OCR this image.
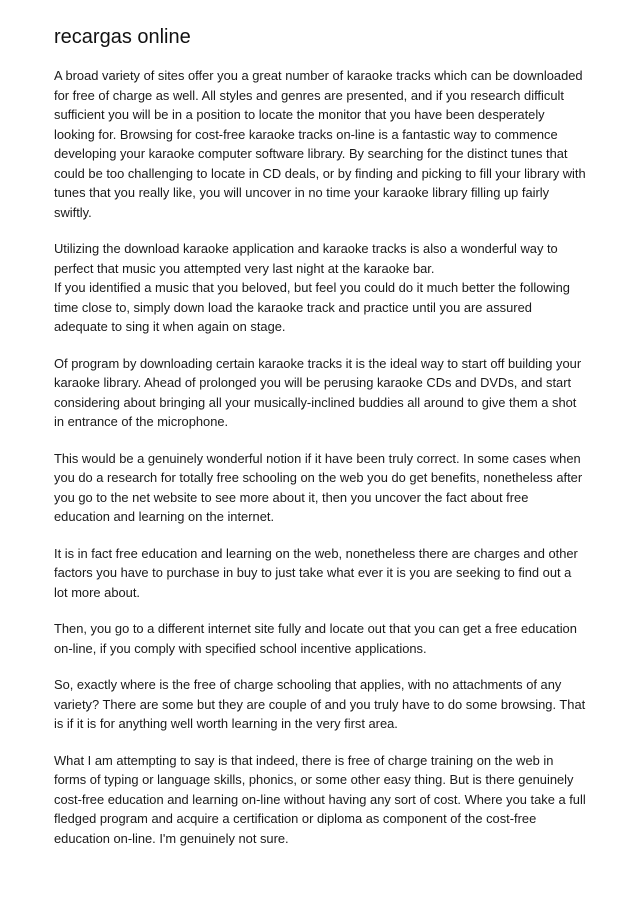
recargas online

A broad variety of sites offer you a great number of karaoke tracks which can be downloaded
for free of charge as well. All styles and genres are presented, and if you research difficult
sufficient you will be in a position to locate the monitor that you have been desperately
looking for. Browsing for cost-free karaoke tracks on-line is a fantastic way to commence
developing your karaoke computer software library. By searching for the distinct tunes that
could be too challenging to locate in CD deals, or by finding and picking to fill your library with
tunes that you really like, you will uncover in no time your karaoke library filling up fairly
swiftly.

Utilizing the download karaoke application and karaoke tracks is also a wonderful way to
perfect that music you attempted very last night at the karaoke bar.
If you identified a music that you beloved, but feel you could do it much better the following
time close to, simply down load the karaoke track and practice until you are assured
adequate to sing it when again on stage.

Of program by downloading certain karaoke tracks it is the ideal way to start off building your
karaoke library. Ahead of prolonged you will be perusing karaoke CDs and DVDs, and start
considering about bringing all your musically-inclined buddies all around to give them a shot
in entrance of the microphone.

This would be a genuinely wonderful notion if it have been truly correct. In some cases when
you do a research for totally free schooling on the web you do get benefits, nonetheless after
you go to the net website to see more about it, then you uncover the fact about free
education and learning on the internet.

It is in fact free education and learning on the web, nonetheless there are charges and other
factors you have to purchase in buy to just take what ever it is you are seeking to find out a
lot more about.

Then, you go to a different internet site fully and locate out that you can get a free education
on-line, if you comply with specified school incentive applications.

So, exactly where is the free of charge schooling that applies, with no attachments of any
variety? There are some but they are couple of and you truly have to do some browsing. That
is if it is for anything well worth learning in the very first area.

What I am attempting to say is that indeed, there is free of charge training on the web in
forms of typing or language skills, phonics, or some other easy thing. But is there genuinely
cost-free education and learning on-line without having any sort of cost. Where you take a full
fledged program and acquire a certification or diploma as component of the cost-free
education on-line. I'm genuinely not sure.
